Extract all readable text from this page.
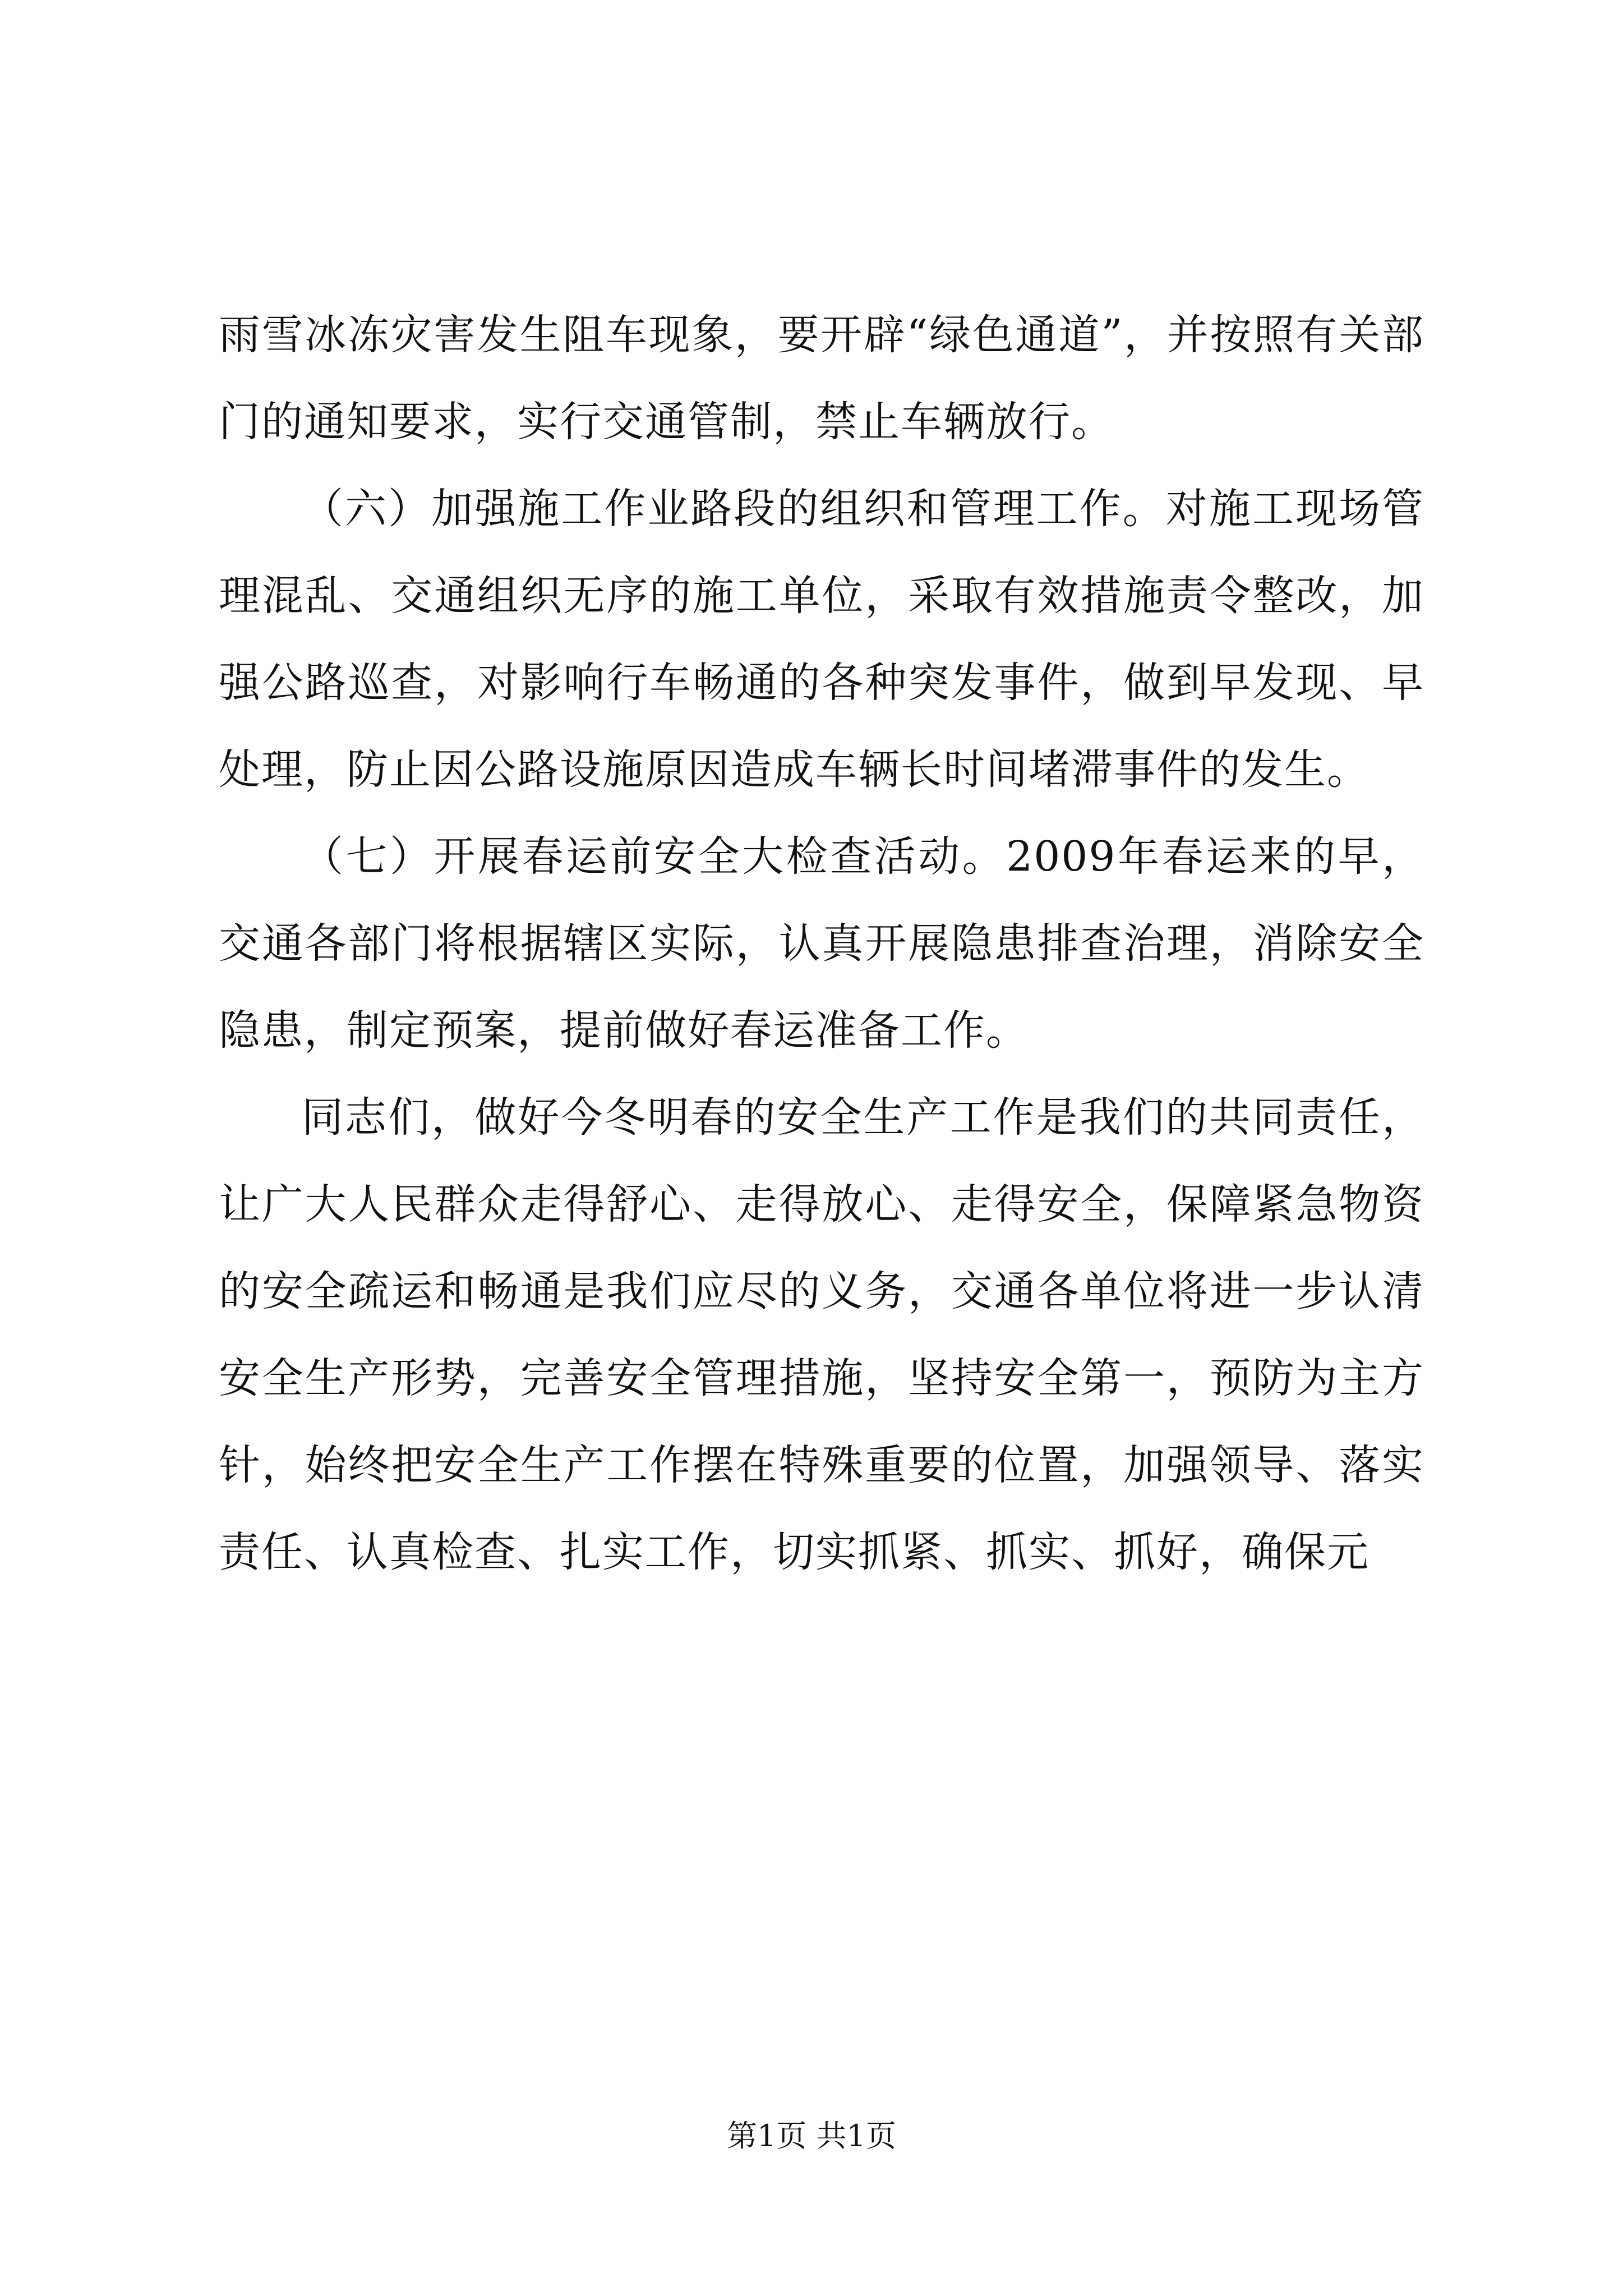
雨雪冰冻灾害发生阻车现象，要开辟“绿色通道”，并按照有关部门的通知要求，实行交通管制，禁止车辆放行。

（六）加强施工作业路段的组织和管理工作。对施工现场管理混乱、交通组织无序的施工单位，采取有效措施责令整改，加强公路巡查，对影响行车畅通的各种突发事件，做到早发现、早处理，防止因公路设施原因造成车辆长时间堵滞事件的发生。

（七）开展春运前安全大检查活动。2009年春运来的早，交通各部门将根据辖区实际，认真开展隐患排查治理，消除安全隐患，制定预案，提前做好春运准备工作。

同志们，做好今冬明春的安全生产工作是我们的共同责任，让广大人民群众走得舒心、走得放心、走得安全，保障紧急物资的安全疏运和畅通是我们应尽的义务，交通各单位将进一步认清安全生产形势，完善安全管理措施，坚持安全第一，预防为主方针，始终把安全生产工作摆在特殊重要的位置，加强领导、落实责任、认真检查、扎实工作，切实抓紧、抓实、抓好，确保元

第1页 共1页
